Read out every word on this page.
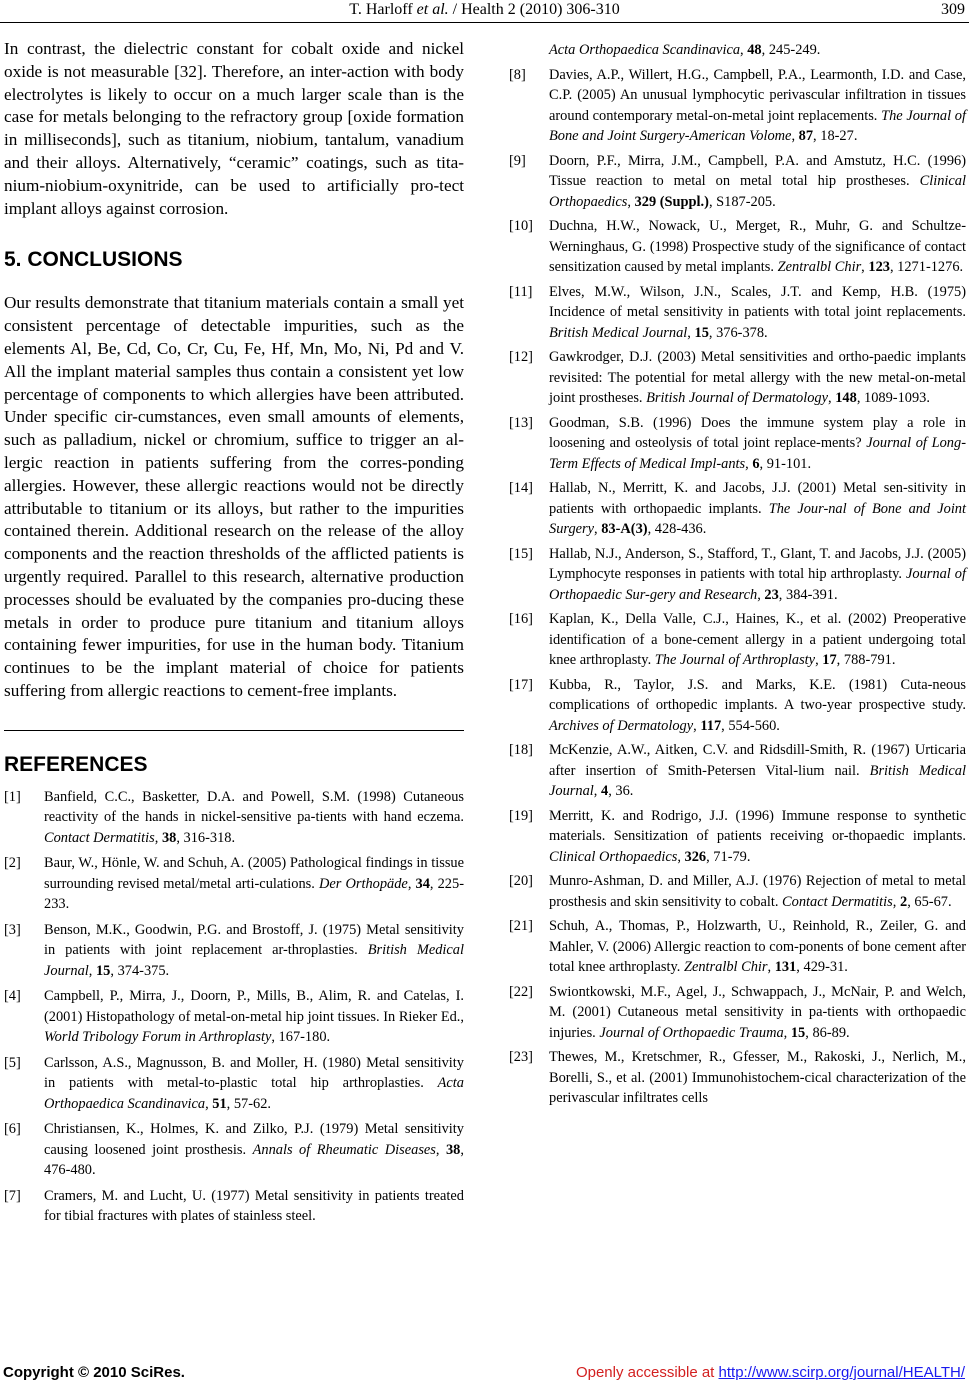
T. Harloff et al. / Health 2 (2010) 306-310	309

In contrast, the dielectric constant for cobalt oxide and nickel oxide is not measurable [32]. Therefore, an inter-action with body electrolytes is likely to occur on a much larger scale than is the case for metals belonging to the refractory group [oxide formation in milliseconds], such as titanium, niobium, tantalum, vanadium and their alloys. Alternatively, “ceramic” coatings, such as tita-nium-niobium-oxynitride, can be used to artificially pro-tect implant alloys against corrosion.

5. CONCLUSIONS

Our results demonstrate that titanium materials contain a small yet consistent percentage of detectable impurities, such as the elements Al, Be, Cd, Co, Cr, Cu, Fe, Hf, Mn, Mo, Ni, Pd and V. All the implant material samples thus contain a consistent yet low percentage of components to which allergies have been attributed. Under specific cir-cumstances, even small amounts of elements, such as palladium, nickel or chromium, suffice to trigger an al-lergic reaction in patients suffering from the corres-ponding allergies. However, these allergic reactions would not be directly attributable to titanium or its alloys, but rather to the impurities contained therein. Additional research on the release of the alloy components and the reaction thresholds of the afflicted patients is urgently required. Parallel to this research, alternative production processes should be evaluated by the companies pro-ducing these metals in order to produce pure titanium and titanium alloys containing fewer impurities, for use in the human body. Titanium continues to be the implant material of choice for patients suffering from allergic reactions to cement-free implants.

REFERENCES
[1] Banfield, C.C., Basketter, D.A. and Powell, S.M. (1998) Cutaneous reactivity of the hands in nickel-sensitive pa-tients with hand eczema. Contact Dermatitis, 38, 316-318.
[2] Baur, W., Hönle, W. and Schuh, A. (2005) Pathological findings in tissue surrounding revised metal/metal arti-culations. Der Orthopäde, 34, 225-233.
[3] Benson, M.K., Goodwin, P.G. and Brostoff, J. (1975) Metal sensitivity in patients with joint replacement ar-throplasties. British Medical Journal, 15, 374-375.
[4] Campbell, P., Mirra, J., Doorn, P., Mills, B., Alim, R. and Catelas, I. (2001) Histopathology of metal-on-metal hip joint tissues. In Rieker Ed., World Tribology Forum in Arthroplasty, 167-180.
[5] Carlsson, A.S., Magnusson, B. and Moller, H. (1980) Metal sensitivity in patients with metal-to-plastic total hip arthroplasties. Acta Orthopaedica Scandinavica, 51, 57-62.
[6] Christiansen, K., Holmes, K. and Zilko, P.J. (1979) Metal sensitivity causing loosened joint prosthesis. Annals of Rheumatic Diseases, 38, 476-480.
[7] Cramers, M. and Lucht, U. (1977) Metal sensitivity in patients treated for tibial fractures with plates of stainless steel.
Acta Orthopaedica Scandinavica, 48, 245-249.
[8] Davies, A.P., Willert, H.G., Campbell, P.A., Learmonth, I.D. and Case, C.P. (2005) An unusual lymphocytic perivascular infiltration in tissues around contemporary metal-on-metal joint replacements. The Journal of Bone and Joint Surgery-American Volome, 87, 18-27.
[9] Doorn, P.F., Mirra, J.M., Campbell, P.A. and Amstutz, H.C. (1996) Tissue reaction to metal on metal total hip prostheses. Clinical Orthopaedics, 329 (Suppl.), S187-205.
[10] Duchna, H.W., Nowack, U., Merget, R., Muhr, G. and Schultze-Werninghaus, G. (1998) Prospective study of the significance of contact sensitization caused by metal implants. Zentralbl Chir, 123, 1271-1276.
[11] Elves, M.W., Wilson, J.N., Scales, J.T. and Kemp, H.B. (1975) Incidence of metal sensitivity in patients with total joint replacements. British Medical Journal, 15, 376-378.
[12] Gawkrodger, D.J. (2003) Metal sensitivities and ortho-paedic implants revisited: The potential for metal allergy with the new metal-on-metal joint prostheses. British Journal of Dermatology, 148, 1089-1093.
[13] Goodman, S.B. (1996) Does the immune system play a role in loosening and osteolysis of total joint replace-ments? Journal of Long-Term Effects of Medical Impl-ants, 6, 91-101.
[14] Hallab, N., Merritt, K. and Jacobs, J.J. (2001) Metal sen-sitivity in patients with orthopaedic implants. The Jour-nal of Bone and Joint Surgery, 83-A(3), 428-436.
[15] Hallab, N.J., Anderson, S., Stafford, T., Glant, T. and Jacobs, J.J. (2005) Lymphocyte responses in patients with total hip arthroplasty. Journal of Orthopaedic Sur-gery and Research, 23, 384-391.
[16] Kaplan, K., Della Valle, C.J., Haines, K., et al. (2002) Preoperative identification of a bone-cement allergy in a patient undergoing total knee arthroplasty. The Journal of Arthroplasty, 17, 788-791.
[17] Kubba, R., Taylor, J.S. and Marks, K.E. (1981) Cuta-neous complications of orthopedic implants. A two-year prospective study. Archives of Dermatology, 117, 554-560.
[18] McKenzie, A.W., Aitken, C.V. and Ridsdill-Smith, R. (1967) Urticaria after insertion of Smith-Petersen Vital-lium nail. British Medical Journal, 4, 36.
[19] Merritt, K. and Rodrigo, J.J. (1996) Immune response to synthetic materials. Sensitization of patients receiving or-thopaedic implants. Clinical Orthopaedics, 326, 71-79.
[20] Munro-Ashman, D. and Miller, A.J. (1976) Rejection of metal to metal prosthesis and skin sensitivity to cobalt. Contact Dermatitis, 2, 65-67.
[21] Schuh, A., Thomas, P., Holzwarth, U., Reinhold, R., Zeiler, G. and Mahler, V. (2006) Allergic reaction to com-ponents of bone cement after total knee arthroplasty. Zentralbl Chir, 131, 429-31.
[22] Swiontkowski, M.F., Agel, J., Schwappach, J., McNair, P. and Welch, M. (2001) Cutaneous metal sensitivity in pa-tients with orthopaedic injuries. Journal of Orthopaedic Trauma, 15, 86-89.
[23] Thewes, M., Kretschmer, R., Gfesser, M., Rakoski, J., Nerlich, M., Borelli, S., et al. (2001) Immunohistochem-cical characterization of the perivascular infiltrates cells
Copyright © 2010 SciRes.	Openly accessible at http://www.scirp.org/journal/HEALTH/
